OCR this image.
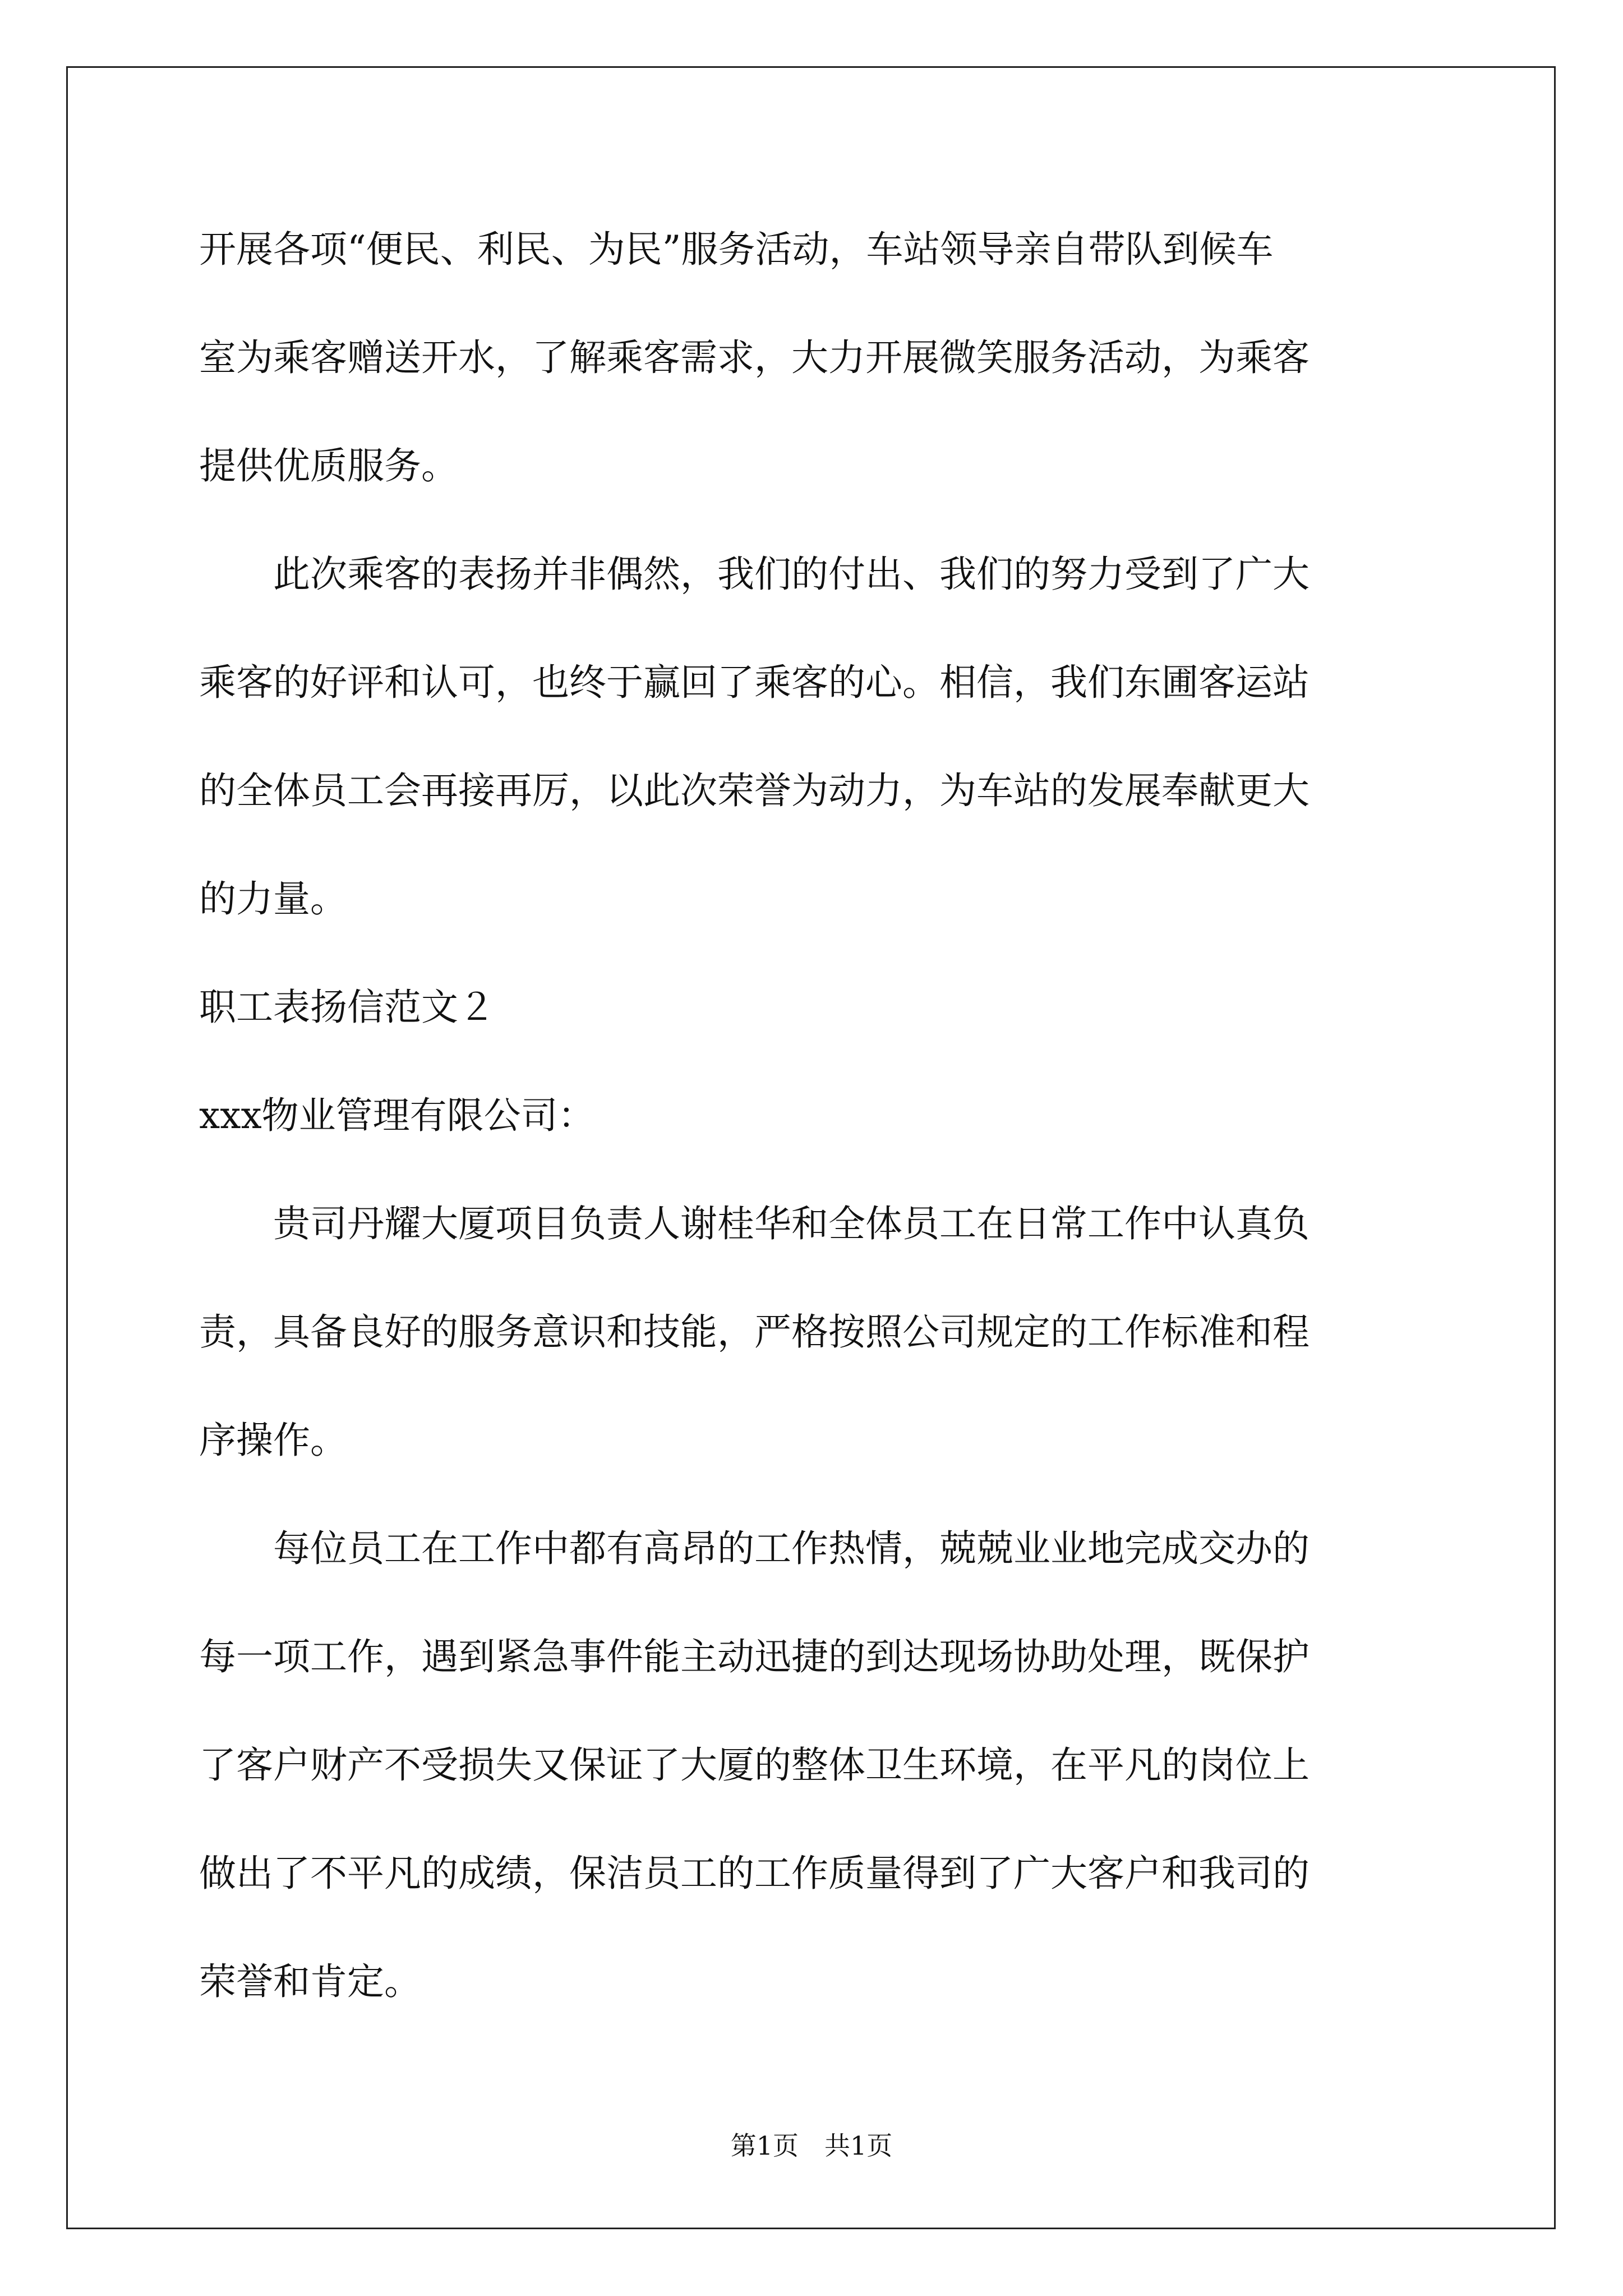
开展各项“便民、利民、为民”服务活动，车站领导亲自带队到候车
室为乘客赠送开水，了解乘客需求，大力开展微笑服务活动，为乘客
提供优质服务。
　　此次乘客的表扬并非偶然，我们的付出、我们的努力受到了广大
乘客的好评和认可，也终于赢回了乘客的心。相信，我们东圃客运站
的全体员工会再接再厉，以此次荣誉为动力，为车站的发展奉献更大
的力量。
职工表扬信范文２
xxx物业管理有限公司：
　　贵司丹耀大厦项目负责人谢桂华和全体员工在日常工作中认真负
责，具备良好的服务意识和技能，严格按照公司规定的工作标准和程
序操作。
　　每位员工在工作中都有高昂的工作热情，兢兢业业地完成交办的
每一项工作，遇到紧急事件能主动迅捷的到达现场协助处理，既保护
了客户财产不受损失又保证了大厦的整体卫生环境，在平凡的岗位上
做出了不平凡的成绩，保洁员工的工作质量得到了广大客户和我司的
荣誉和肯定。
第1页　共1页
